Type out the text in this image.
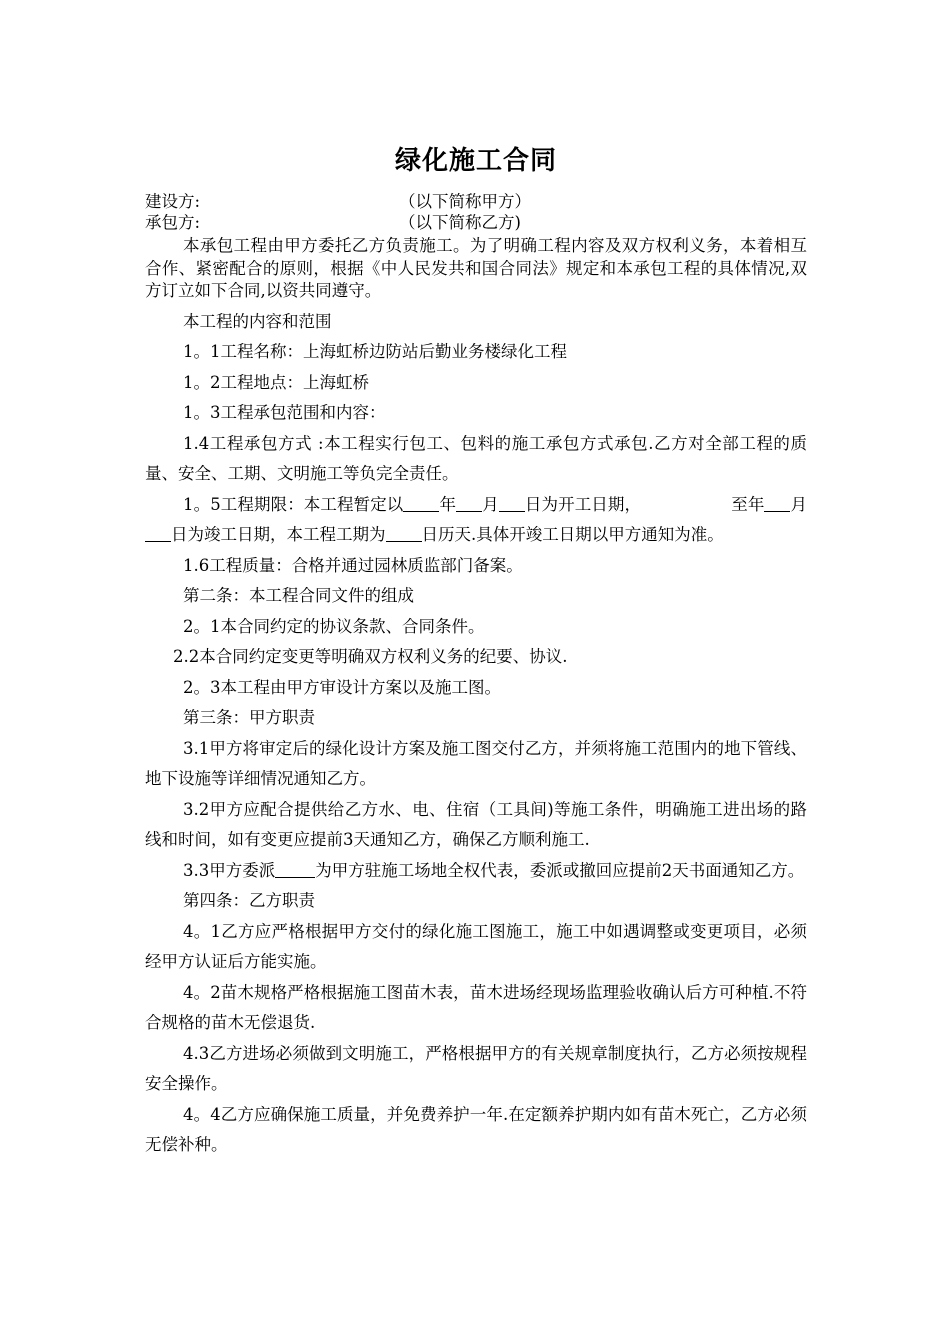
绿化施工合同
建设方:	（以下简称甲方）
承包方:	（以下简称乙方)

本承包工程由甲方委托乙方负责施工。为了明确工程内容及双方权利义务，本着相互合作、紧密配合的原则，根据《中人民发共和国合同法》规定和本承包工程的具体情况,双方订立如下合同,以资共同遵守。

本工程的内容和范围

1。1工程名称：上海虹桥边防站后勤业务楼绿化工程

1。2工程地点：上海虹桥

1。3工程承包范围和内容：

1.4工程承包方式 :本工程实行包工、包料的施工承包方式承包.乙方对全部工程的质量、安全、工期、文明施工等负完全责任。

1。5工程期限：本工程暂定以 年 月 日为开工日期，	至年 月日为竣工日期，本工程工期为 日历天.具体开竣工日期以甲方通知为准。

1.6工程质量：合格并通过园林质监部门备案。

第二条：本工程合同文件的组成

2。1本合同约定的协议条款、合同条件。

2.2本合同约定变更等明确双方权利义务的纪要、协议.

2。3本工程由甲方审设计方案以及施工图。

第三条：甲方职责

3.1甲方将审定后的绿化设计方案及施工图交付乙方，并须将施工范围内的地下管线、地下设施等详细情况通知乙方。

3.2甲方应配合提供给乙方水、电、住宿（工具间)等施工条件，明确施工进出场的路线和时间，如有变更应提前3天通知乙方，确保乙方顺利施工.

3.3甲方委派 为甲方驻施工场地全权代表，委派或撤回应提前2天书面通知乙方。

第四条：乙方职责

4。1乙方应严格根据甲方交付的绿化施工图施工，施工中如遇调整或变更项目，必须经甲方认证后方能实施。

4。2苗木规格严格根据施工图苗木表，苗木进场经现场监理验收确认后方可种植.不符合规格的苗木无偿退货.

4.3乙方进场必须做到文明施工，严格根据甲方的有关规章制度执行，乙方必须按规程安全操作。

4。4乙方应确保施工质量，并免费养护一年.在定额养护期内如有苗木死亡，乙方必须无偿补种。
